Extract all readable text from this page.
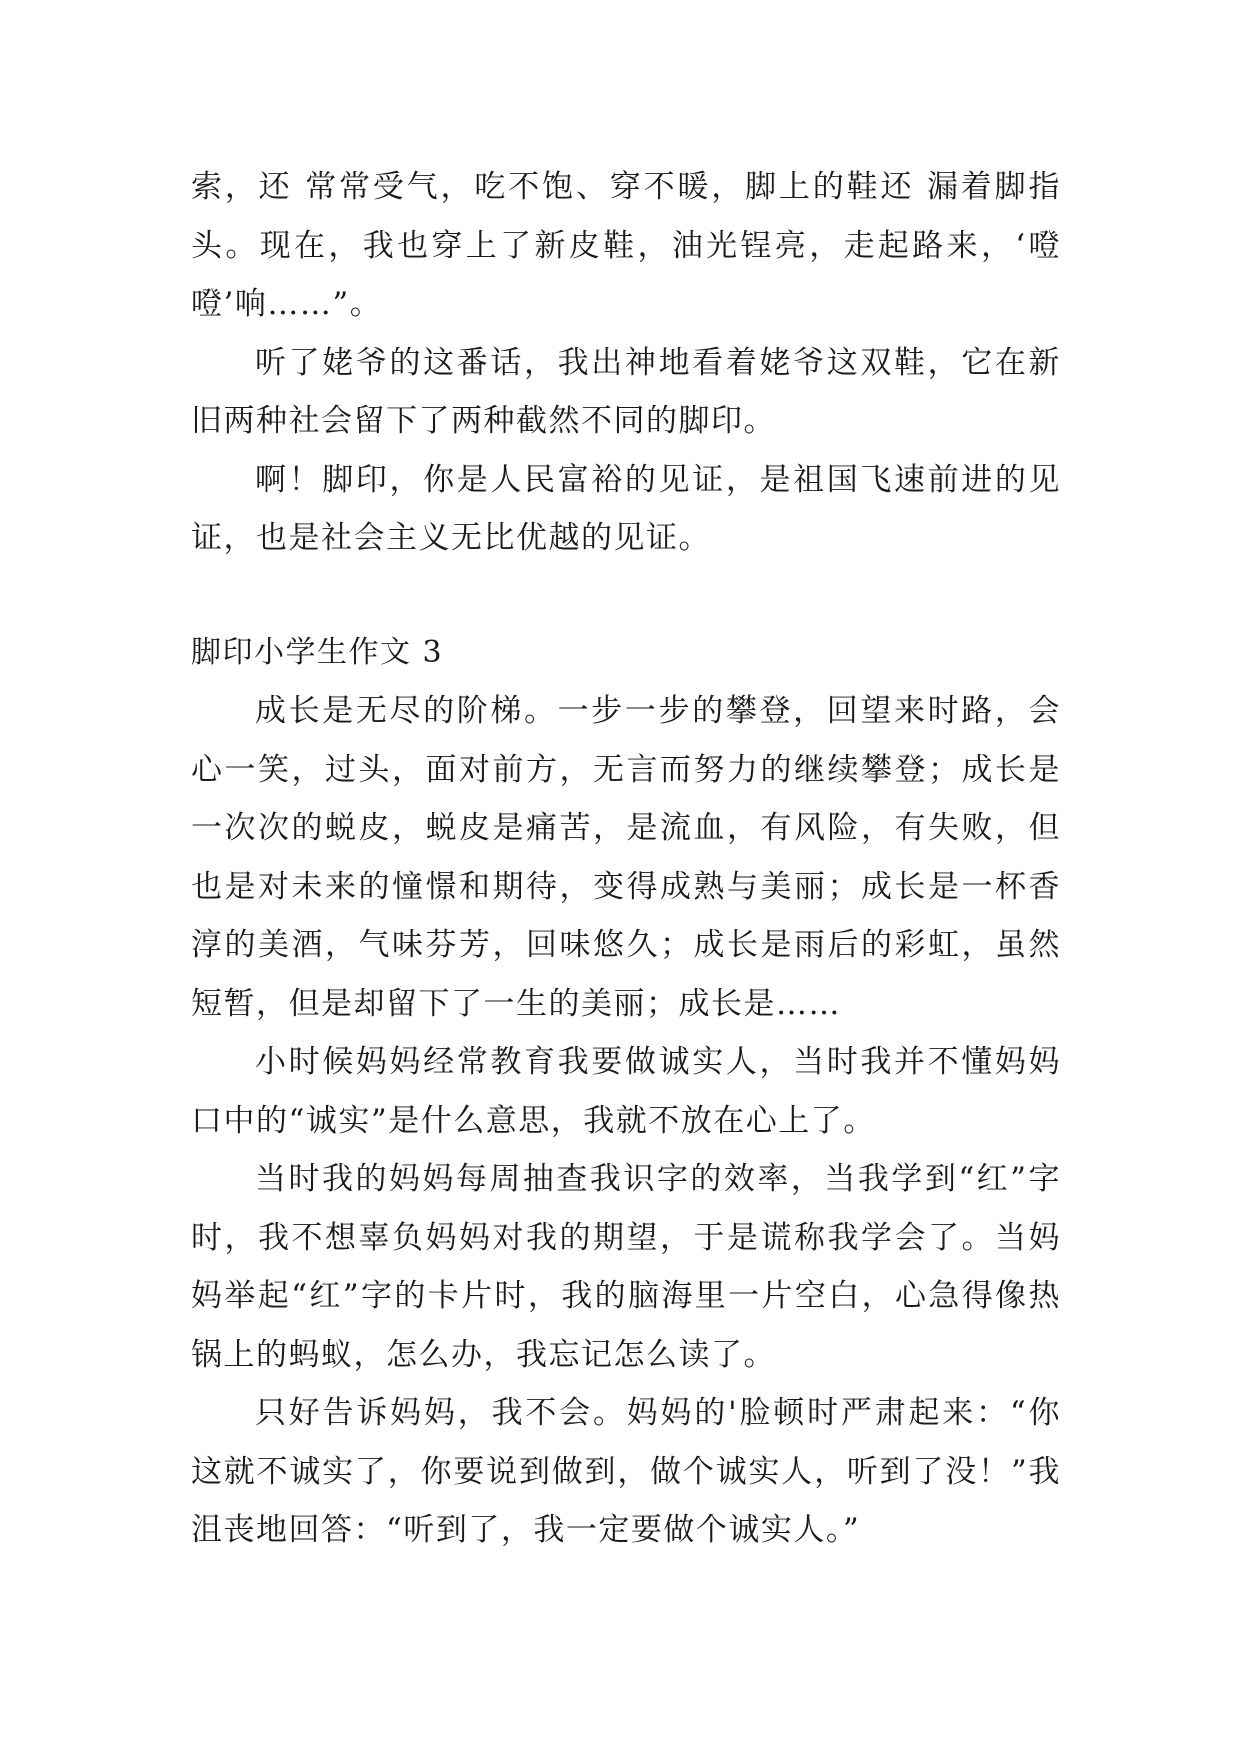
索，还 常常受气，吃不饱、穿不暖，脚上的鞋还 漏着脚指头。现在，我也穿上了新皮鞋，油光锃亮，走起路来，‘噔噔’响……”。

听了姥爷的这番话，我出神地看着姥爷这双鞋，它在新旧两种社会留下了两种截然不同的脚印。

啊！脚印，你是人民富裕的见证，是祖国飞速前进的见证，也是社会主义无比优越的见证。

脚印小学生作文 3

成长是无尽的阶梯。一步一步的攀登，回望来时路，会心一笑，过头，面对前方，无言而努力的继续攀登；成长是一次次的蜕皮，蜕皮是痛苦，是流血，有风险，有失败，但也是对未来的憧憬和期待，变得成熟与美丽；成长是一杯香淳的美酒，气味芬芳，回味悠久；成长是雨后的彩虹，虽然短暂，但是却留下了一生的美丽；成长是……

小时候妈妈经常教育我要做诚实人，当时我并不懂妈妈口中的“诚实”是什么意思，我就不放在心上了。

当时我的妈妈每周抽查我识字的效率，当我学到“红”字时，我不想辜负妈妈对我的期望，于是谎称我学会了。当妈妈举起“红”字的卡片时，我的脑海里一片空白，心急得像热锅上的蚂蚁，怎么办，我忘记怎么读了。

只好告诉妈妈，我不会。妈妈的'脸顿时严肃起来：“你这就不诚实了，你要说到做到，做个诚实人，听到了没！”我沮丧地回答：“听到了，我一定要做个诚实人。”
